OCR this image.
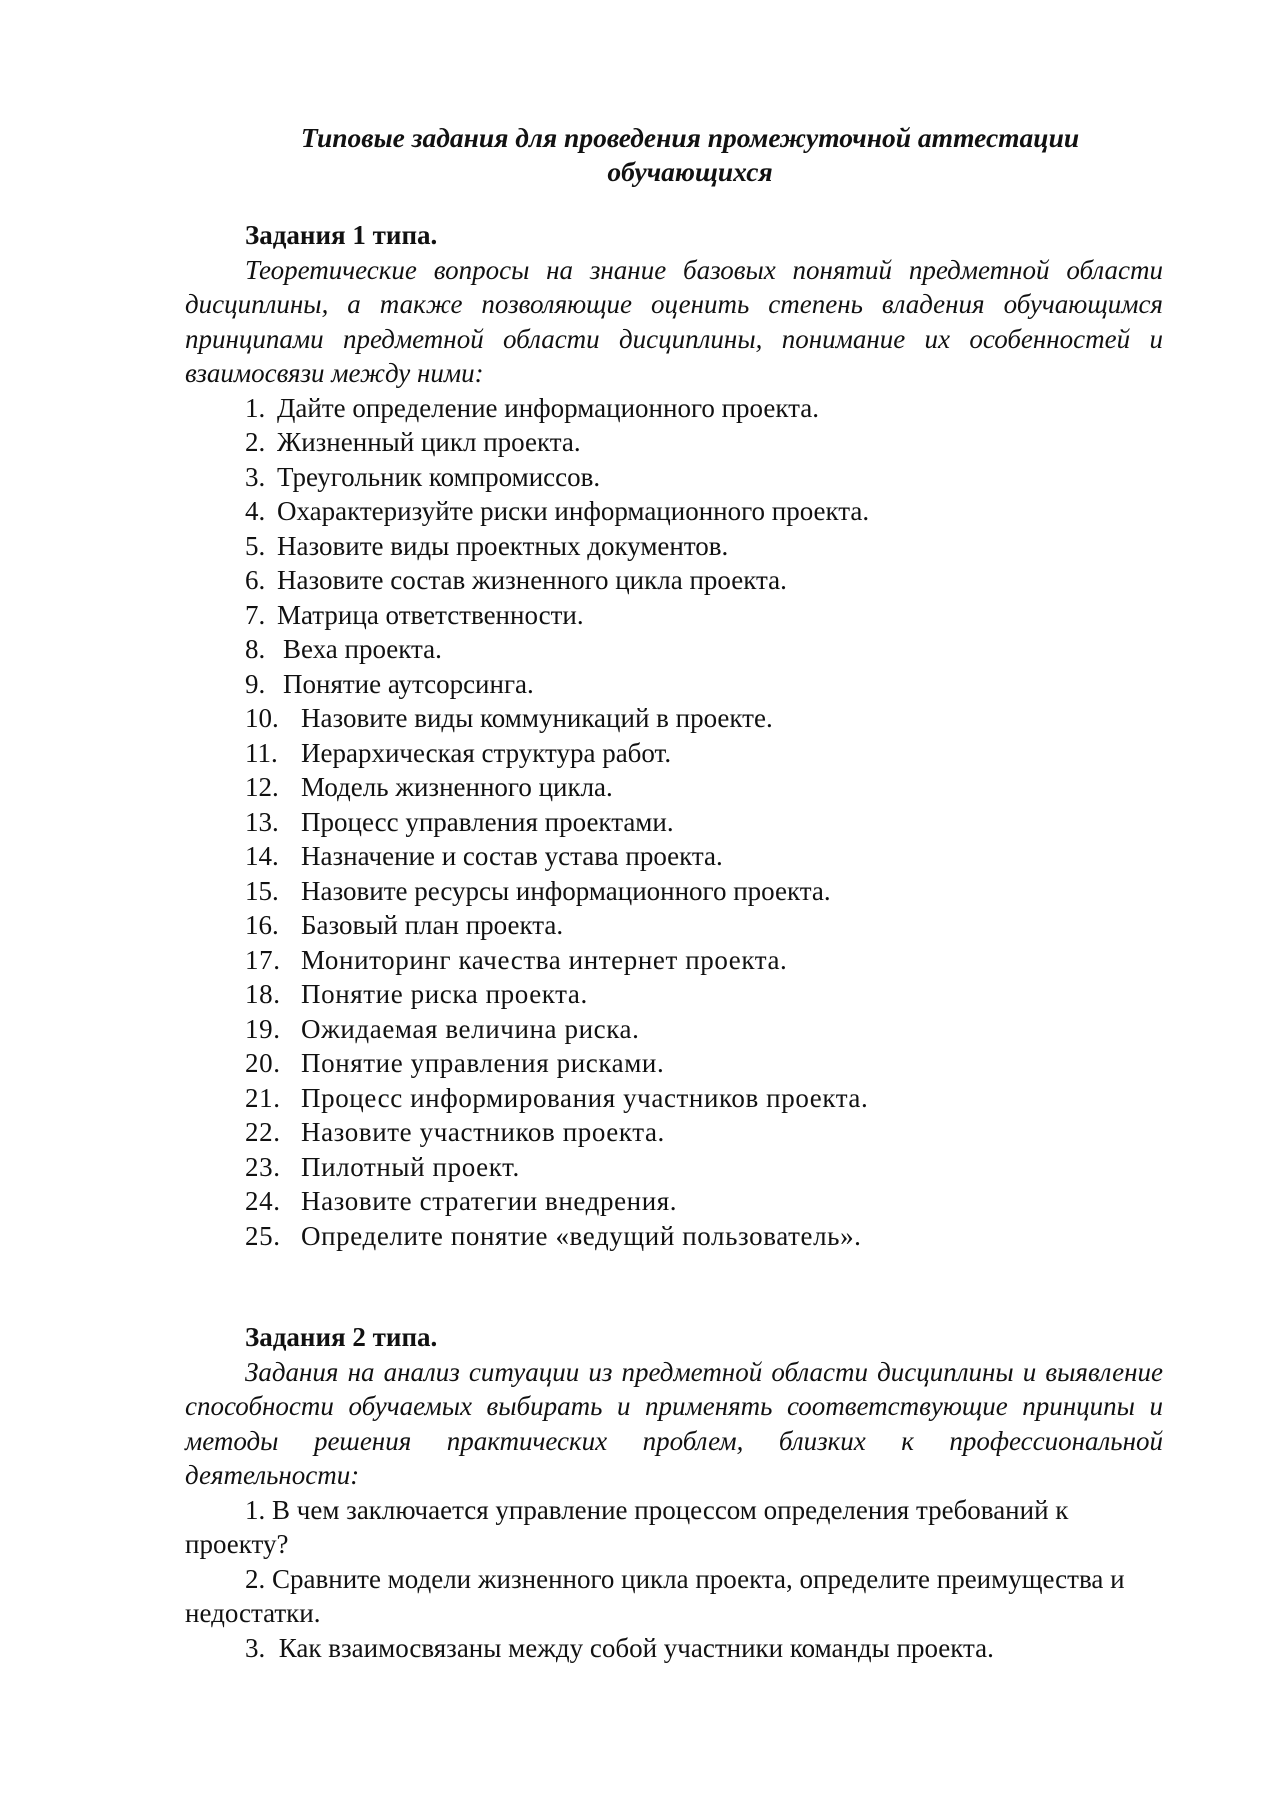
Типовые задания для проведения промежуточной аттестации
обучающихся

Задания 1 типа.

Теоретические вопросы на знание базовых понятий предметной области дисциплины, а также позволяющие оценить степень владения обучающимся принципами предметной области дисциплины, понимание их особенностей и взаимосвязи между ними:

1. Дайте определение информационного проекта.
2. Жизненный цикл проекта.
3. Треугольник компромиссов.
4. Охарактеризуйте риски информационного проекта.
5. Назовите виды проектных документов.
6. Назовите состав жизненного цикла проекта.
7. Матрица ответственности.
8. Веха проекта.
9. Понятие аутсорсинга.
10. Назовите виды коммуникаций в проекте.
11. Иерархическая структура работ.
12. Модель жизненного цикла.
13. Процесс управления проектами.
14. Назначение и состав устава проекта.
15. Назовите ресурсы информационного проекта.
16. Базовый план проекта.
17. Мониторинг качества интернет проекта.
18. Понятие риска проекта.
19. Ожидаемая величина риска.
20. Понятие управления рисками.
21. Процесс информирования участников проекта.
22. Назовите участников проекта.
23. Пилотный проект.
24. Назовите стратегии внедрения.
25. Определите понятие «ведущий пользователь».

Задания 2 типа.

Задания на анализ ситуации из предметной области дисциплины и выявление способности обучаемых выбирать и применять соответствующие принципы и методы решения практических проблем, близких к профессиональной деятельности:

1. В чем заключается управление процессом определения требований к проекту?
2. Сравните модели жизненного цикла проекта, определите преимущества и недостатки.
3. Как взаимосвязаны между собой участники команды проекта.
